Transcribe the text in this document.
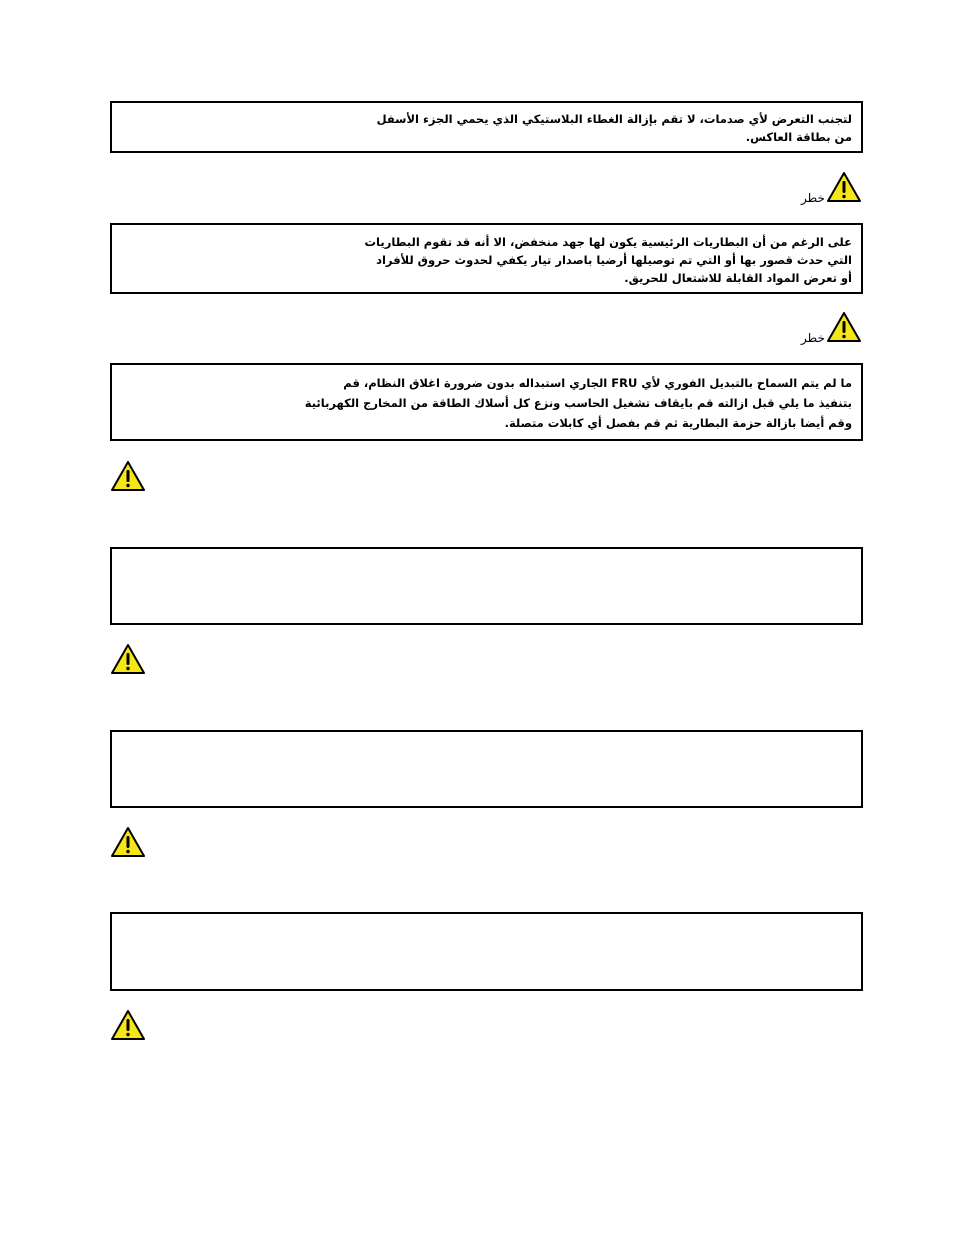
لتجنب التعرض لأي صدمات، لا تقم بإزالة الغطاء البلاستيكي الذي يحمي الجزء الأسفل
من بطاقة العاكس.
خطر
على الرغم من أن البطاريات الرئيسية يكون لها جهد منخفض، الا أنه قد تقوم البطاريات
التي حدث قصور بها أو التي تم توصيلها أرضيا باصدار تيار يكفي لحدوث حروق للأفراد
أو تعرض المواد القابلة للاشتعال للحريق.
خطر
ما لم يتم السماح بالتبديل الفوري لأي FRU الجاري استبداله بدون ضرورة اغلاق النظام، قم
بتنفيذ ما يلي قبل ازالته قم بايقاف تشغيل الحاسب ونزع كل أسلاك الطاقة من المخارج الكهربائية
وقم أيضا بازالة حزمة البطارية ثم قم بفصل أي كابلات متصلة.
